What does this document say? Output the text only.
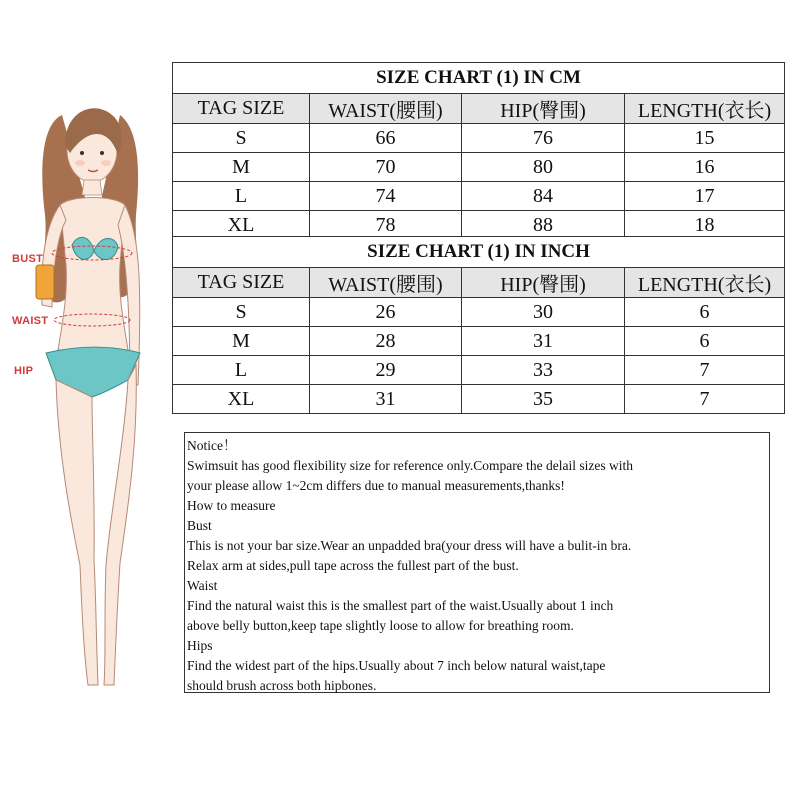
BUST
WAIST
HIP
SIZE CHART (1) IN CM			
TAG SIZE	WAIST(腰围)	HIP(臀围)	LENGTH(衣长)
S	66	76	15
M	70	80	16
L	74	84	17
XL	78	88	18
SIZE CHART (1) IN INCH			
TAG SIZE	WAIST(腰围)	HIP(臀围)	LENGTH(衣长)
S	26	30	6
M	28	31	6
L	29	33	7
XL	31	35	7
Notice！
Swimsuit has good flexibility size for reference only.Compare the delail sizes with
your please allow 1~2cm differs due to manual measurements,thanks!
How to measure
Bust
This is not your bar size.Wear an unpadded bra(your dress will have a bulit-in bra.
Relax arm at sides,pull tape across the fullest part of the bust.
Waist
Find the natural waist this is the smallest part of the waist.Usually about 1 inch
above belly button,keep tape slightly loose to allow for breathing room.
Hips
Find the widest part of the hips.Usually about 7 inch below natural waist,tape
should brush across both hipbones.
